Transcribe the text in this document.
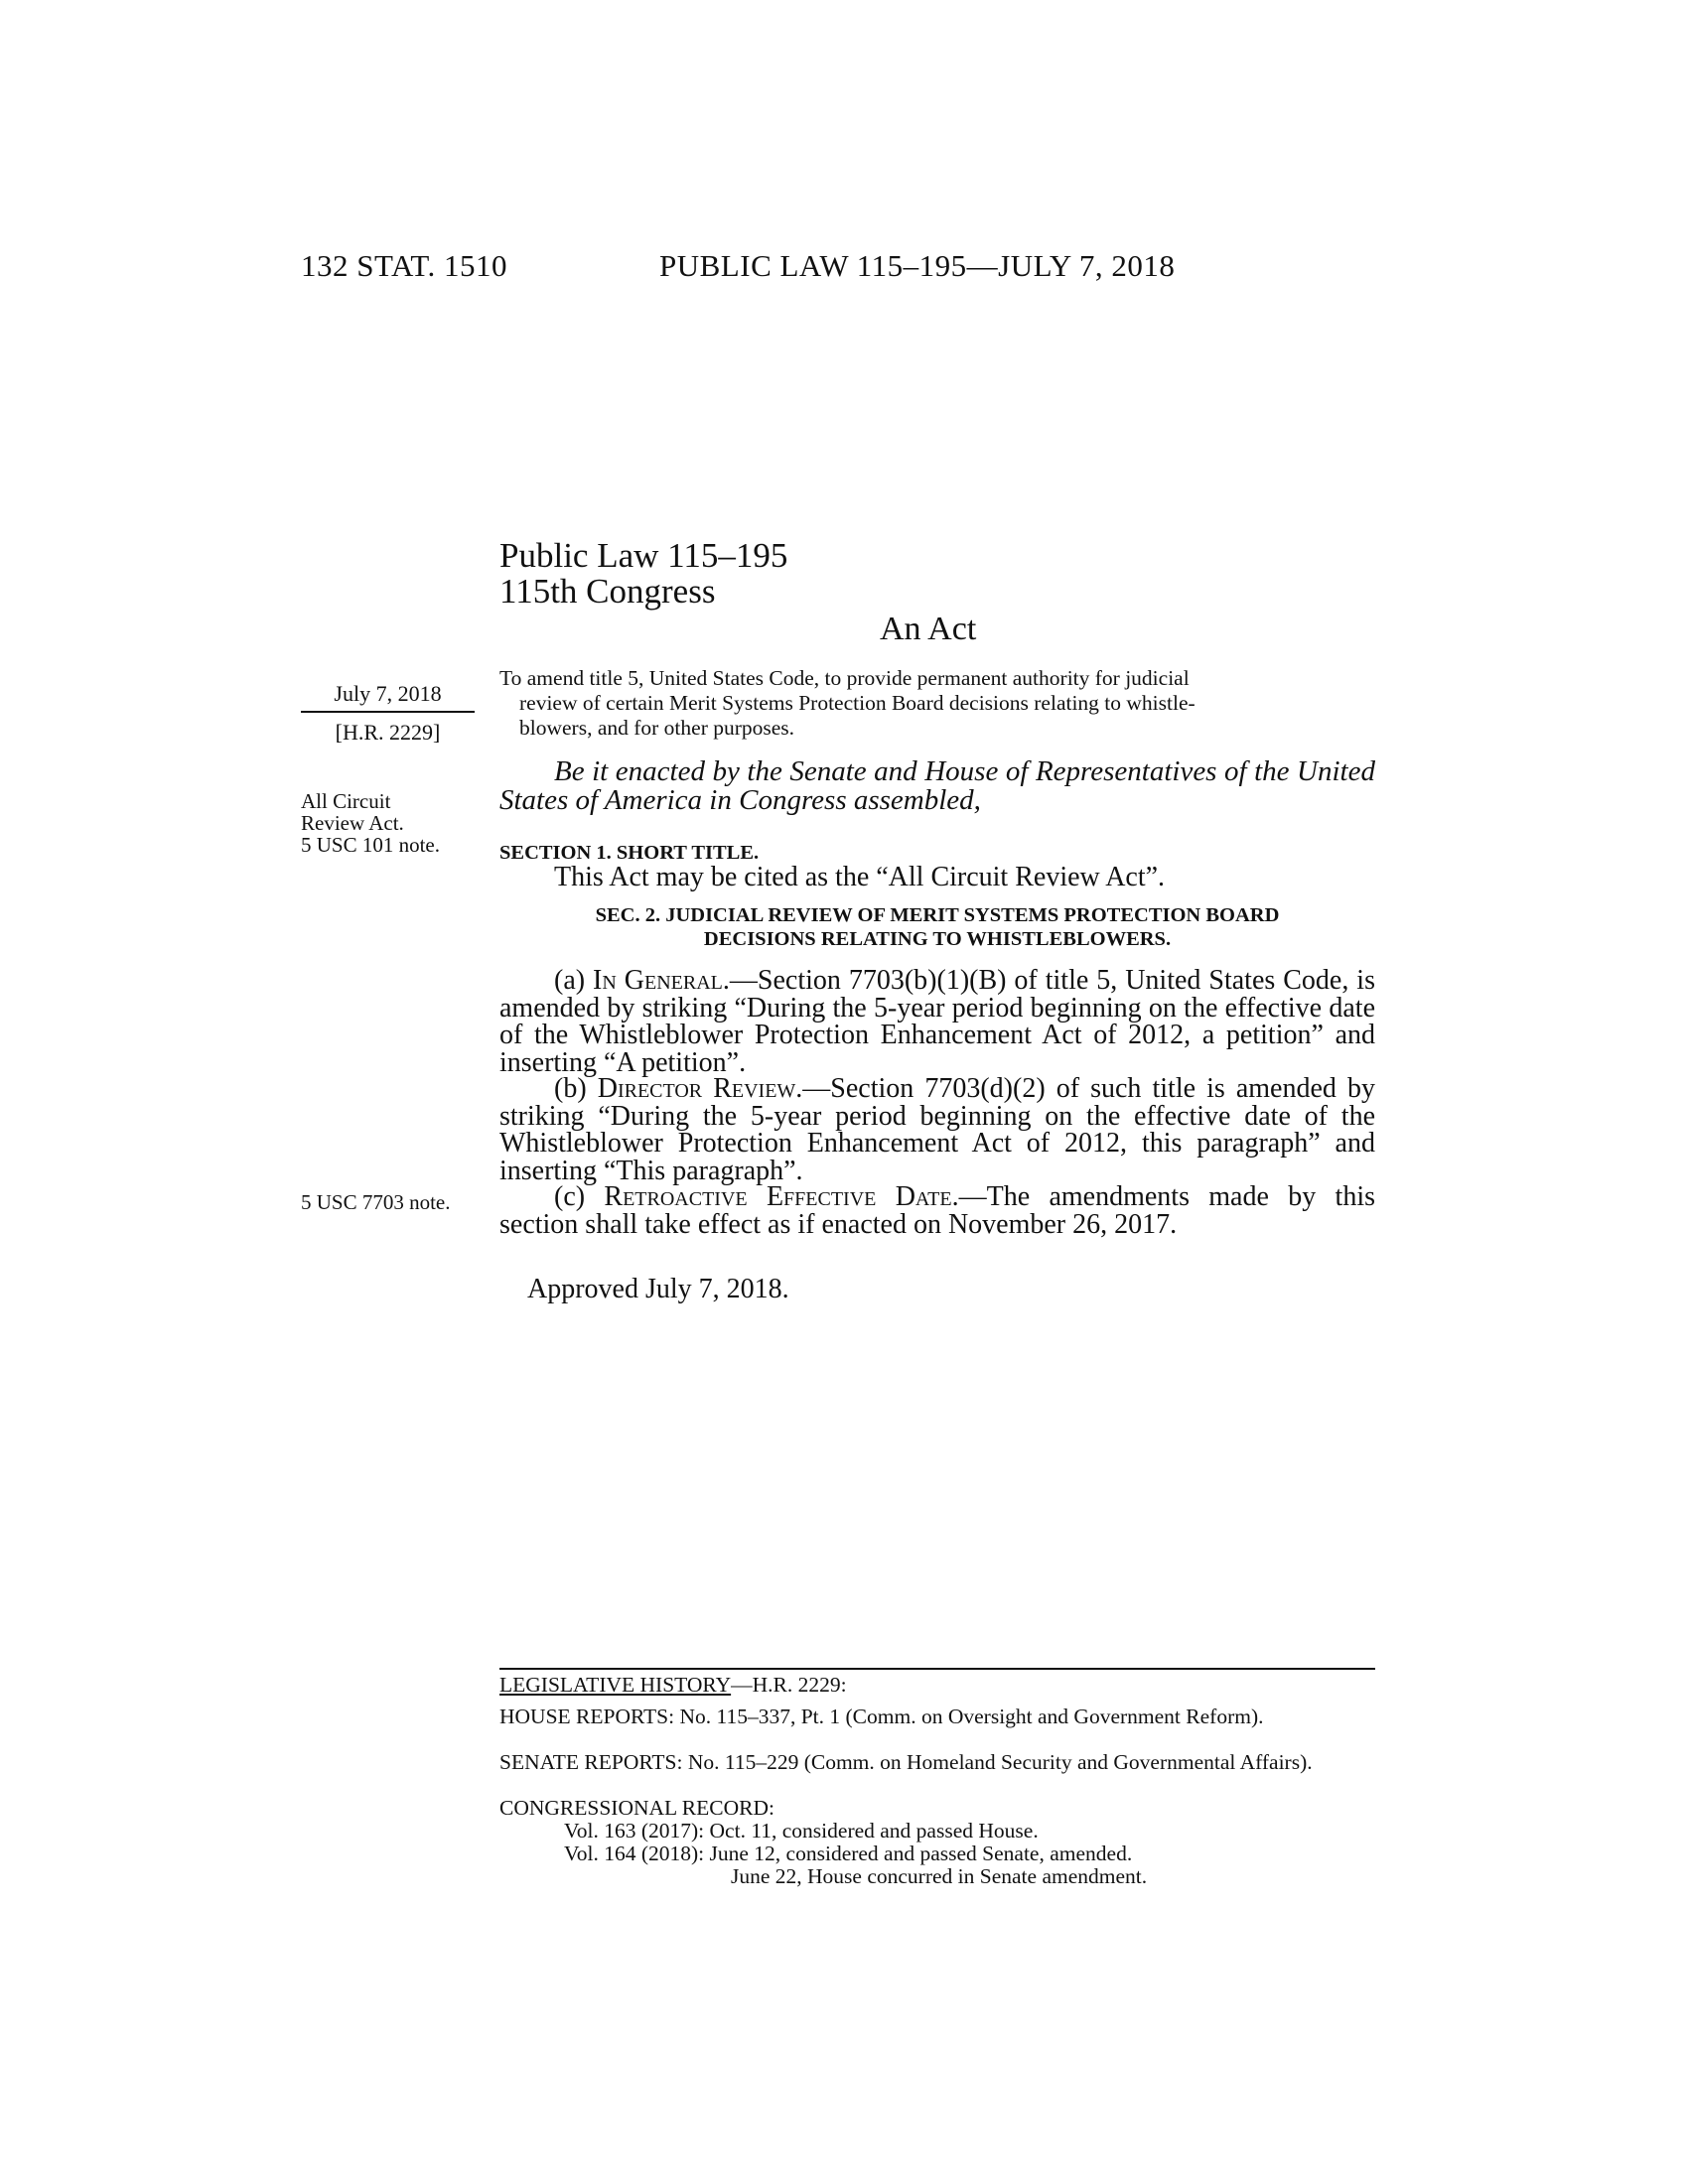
132 STAT. 1510	PUBLIC LAW 115–195—JULY 7, 2018
Public Law 115–195
115th Congress
An Act
July 7, 2018
[H.R. 2229]
All Circuit
Review Act.
5 USC 101 note.
5 USC 7703 note.
To amend title 5, United States Code, to provide permanent authority for judicial
review of certain Merit Systems Protection Board decisions relating to whistle-
blowers, and for other purposes.
Be it enacted by the Senate and House of Representatives of the United States of America in Congress assembled,
SECTION 1. SHORT TITLE.
This Act may be cited as the “All Circuit Review Act”.
SEC. 2. JUDICIAL REVIEW OF MERIT SYSTEMS PROTECTION BOARD
DECISIONS RELATING TO WHISTLEBLOWERS.
(a) In General.—Section 7703(b)(1)(B) of title 5, United States Code, is amended by striking “During the 5-year period beginning on the effective date of the Whistleblower Protection Enhancement Act of 2012, a petition” and inserting “A petition”.
(b) Director Review.—Section 7703(d)(2) of such title is amended by striking “During the 5-year period beginning on the effective date of the Whistleblower Protection Enhancement Act of 2012, this paragraph” and inserting “This paragraph”.
(c) Retroactive Effective Date.—The amendments made by this section shall take effect as if enacted on November 26, 2017.
Approved July 7, 2018.
LEGISLATIVE HISTORY—H.R. 2229:
HOUSE REPORTS: No. 115–337, Pt. 1 (Comm. on Oversight and Government Reform).
SENATE REPORTS: No. 115–229 (Comm. on Homeland Security and Governmental Affairs).
CONGRESSIONAL RECORD:
Vol. 163 (2017): Oct. 11, considered and passed House.
Vol. 164 (2018): June 12, considered and passed Senate, amended.
June 22, House concurred in Senate amendment.
